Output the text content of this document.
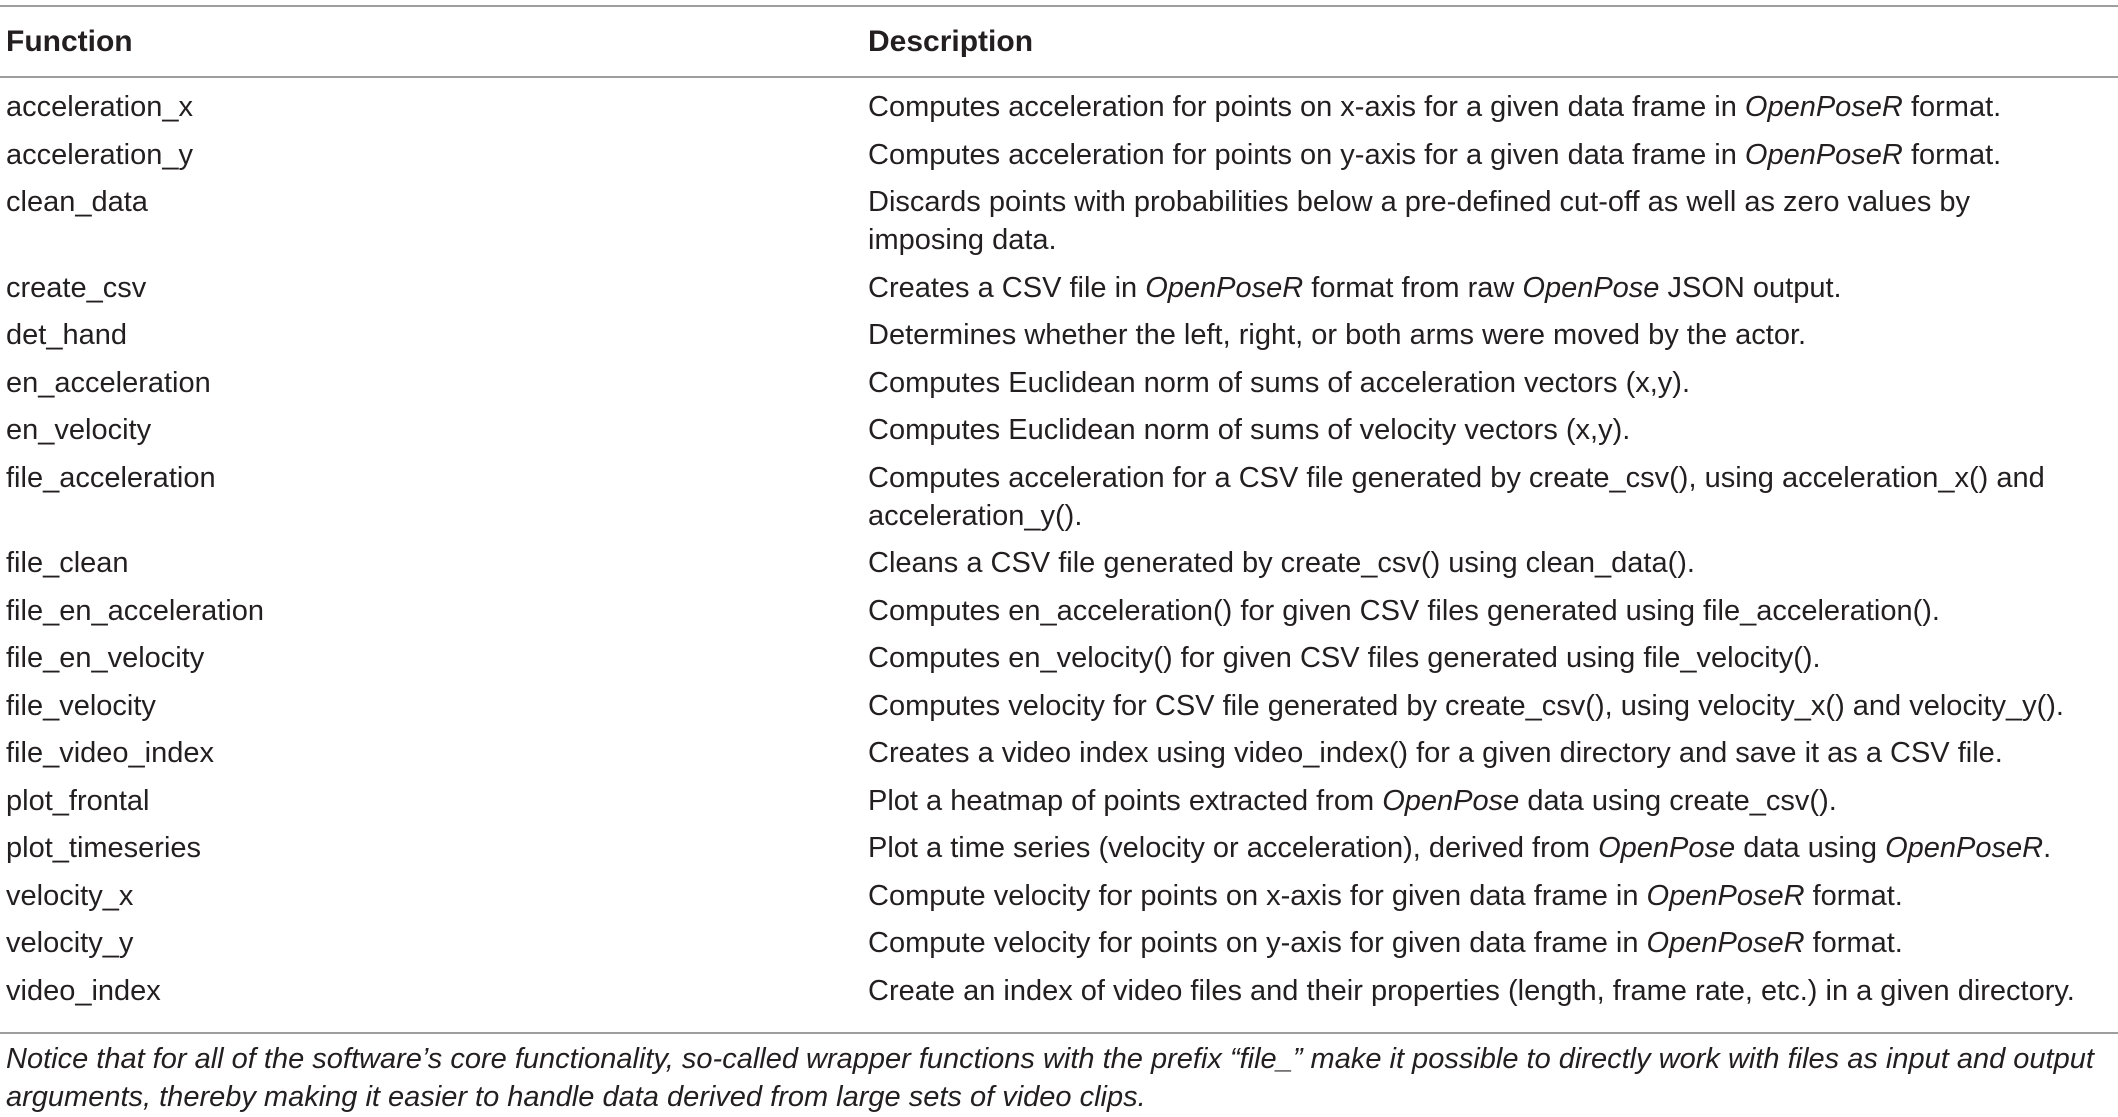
Function	Description
acceleration_x	Computes acceleration for points on x-axis for a given data frame in OpenPoseR format.
acceleration_y	Computes acceleration for points on y-axis for a given data frame in OpenPoseR format.
clean_data	Discards points with probabilities below a pre-defined cut-off as well as zero values by imposing data.
create_csv	Creates a CSV file in OpenPoseR format from raw OpenPose JSON output.
det_hand	Determines whether the left, right, or both arms were moved by the actor.
en_acceleration	Computes Euclidean norm of sums of acceleration vectors (x,y).
en_velocity	Computes Euclidean norm of sums of velocity vectors (x,y).
file_acceleration	Computes acceleration for a CSV file generated by create_csv(), using acceleration_x() and acceleration_y().
file_clean	Cleans a CSV file generated by create_csv() using clean_data().
file_en_acceleration	Computes en_acceleration() for given CSV files generated using file_acceleration().
file_en_velocity	Computes en_velocity() for given CSV files generated using file_velocity().
file_velocity	Computes velocity for CSV file generated by create_csv(), using velocity_x() and velocity_y().
file_video_index	Creates a video index using video_index() for a given directory and save it as a CSV file.
plot_frontal	Plot a heatmap of points extracted from OpenPose data using create_csv().
plot_timeseries	Plot a time series (velocity or acceleration), derived from OpenPose data using OpenPoseR.
velocity_x	Compute velocity for points on x-axis for given data frame in OpenPoseR format.
velocity_y	Compute velocity for points on y-axis for given data frame in OpenPoseR format.
video_index	Create an index of video files and their properties (length, frame rate, etc.) in a given directory.
Notice that for all of the software’s core functionality, so-called wrapper functions with the prefix “file_” make it possible to directly work with files as input and output arguments, thereby making it easier to handle data derived from large sets of video clips.
